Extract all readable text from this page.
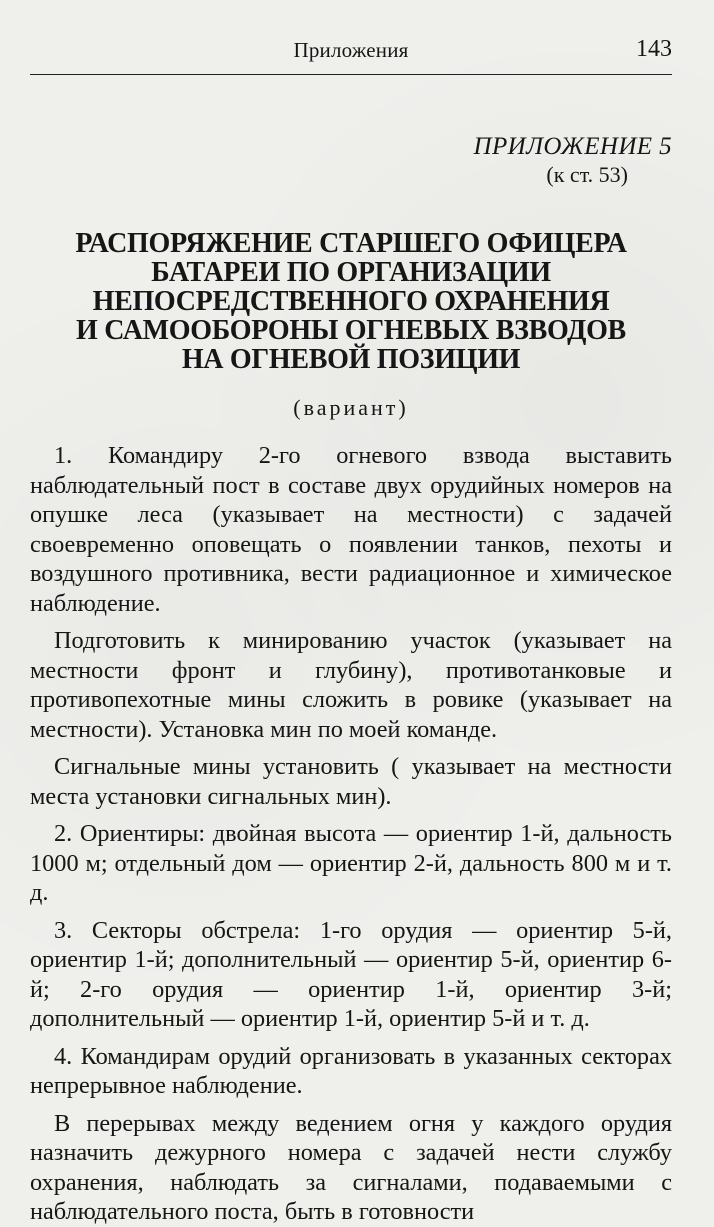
Приложения	143
ПРИЛОЖЕНИЕ 5
(к ст. 53)
РАСПОРЯЖЕНИЕ СТАРШЕГО ОФИЦЕРА
БАТАРЕИ ПО ОРГАНИЗАЦИИ
НЕПОСРЕДСТВЕННОГО ОХРАНЕНИЯ
И САМООБОРОНЫ ОГНЕВЫХ ВЗВОДОВ
НА ОГНЕВОЙ ПОЗИЦИИ
(вариант)

1. Командиру 2-го огневого взвода выставить наблюдательный пост в составе двух орудийных номеров на опушке леса (указывает на местности) с задачей своевременно оповещать о появлении танков, пехоты и воздушного противника, вести радиационное и химическое наблюдение.

Подготовить к минированию участок (указывает на местности фронт и глубину), противотанковые и противопехотные мины сложить в ровике (указывает на местности). Установка мин по моей команде.

Сигнальные мины установить ( указывает на местности места установки сигнальных мин).

2. Ориентиры: двойная высота — ориентир 1-й, дальность 1000 м; отдельный дом — ориентир 2-й, дальность 800 м и т. д.

3. Секторы обстрела: 1-го орудия — ориентир 5-й, ориентир 1-й; дополнительный — ориентир 5-й, ориентир 6-й; 2-го орудия — ориентир 1-й, ориентир 3-й; дополнительный — ориентир 1-й, ориентир 5-й и т. д.

4. Командирам орудий организовать в указанных секторах непрерывное наблюдение.

В перерывах между ведением огня у каждого орудия назначить дежурного номера с задачей нести службу охранения, наблюдать за сигналами, подаваемыми с наблюдательного поста, быть в готовности
